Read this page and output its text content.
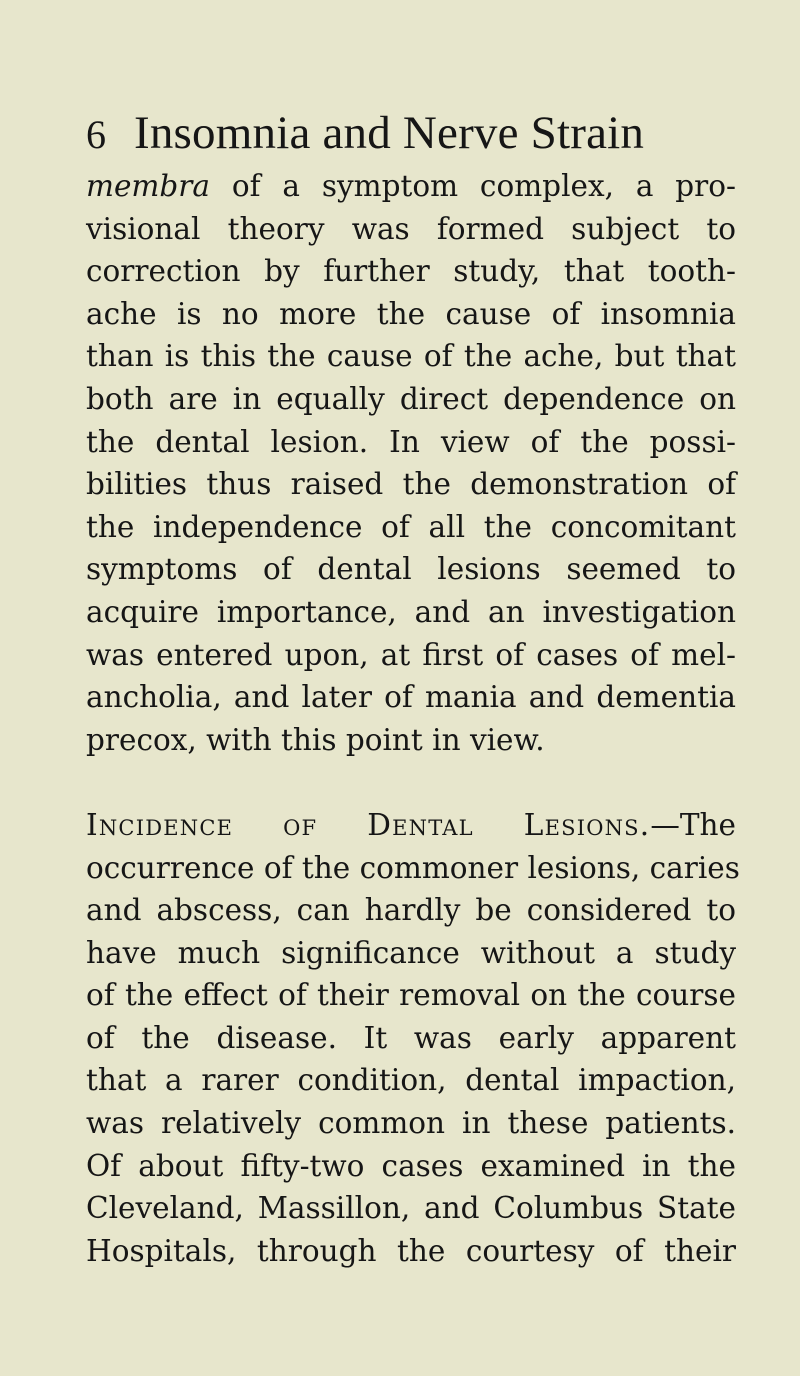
6 Insomnia and Nerve Strain
membra of a symptom complex, a pro-
visional theory was formed subject to
correction by further study, that tooth-
ache is no more the cause of insomnia
than is this the cause of the ache, but that
both are in equally direct dependence on
the dental lesion. In view of the possi-
bilities thus raised the demonstration of
the independence of all the concomitant
symptoms of dental lesions seemed to
acquire importance, and an investigation
was entered upon, at first of cases of mel-
ancholia, and later of mania and dementia
precox, with this point in view.
Incidence of Dental Lesions.—The
occurrence of the commoner lesions, caries
and abscess, can hardly be considered to
have much significance without a study
of the effect of their removal on the course
of the disease. It was early apparent
that a rarer condition, dental impaction,
was relatively common in these patients.
Of about fifty-two cases examined in the
Cleveland, Massillon, and Columbus State
Hospitals, through the courtesy of their
